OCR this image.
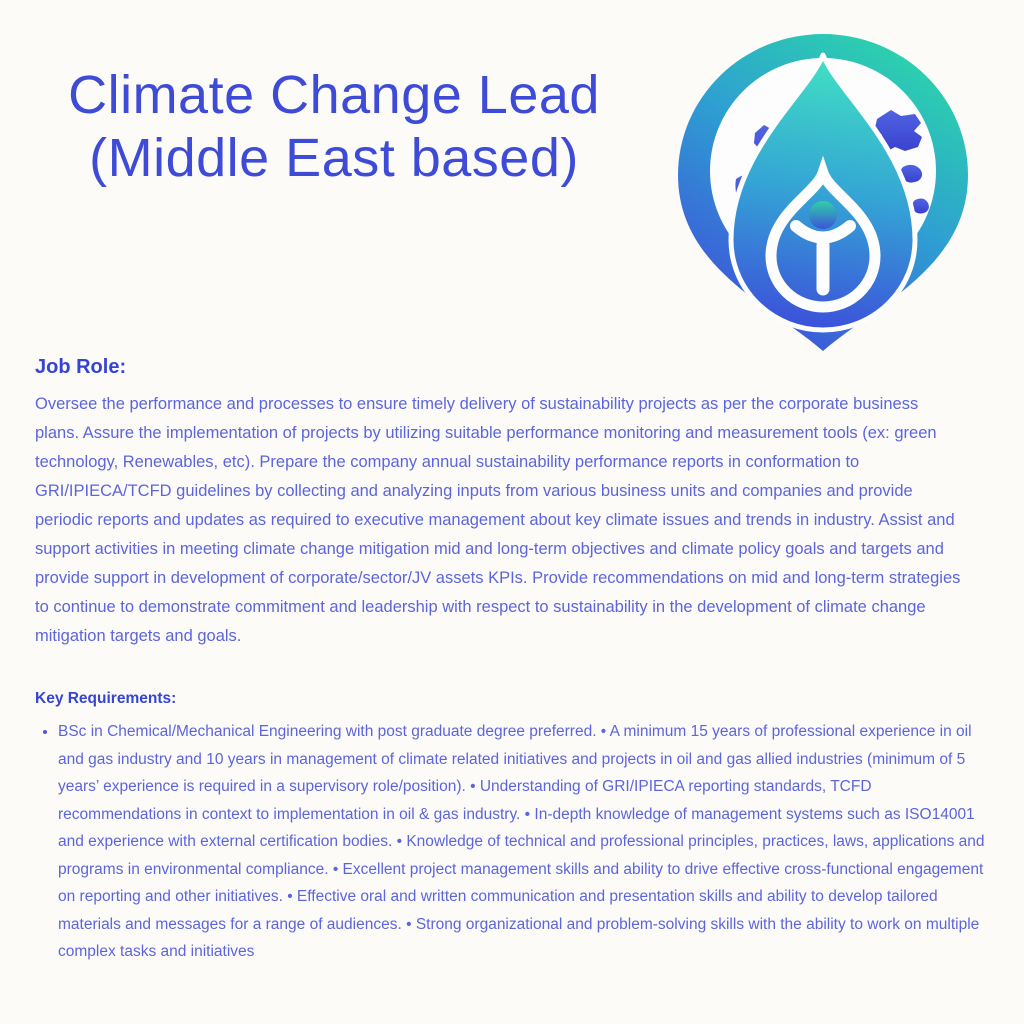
Climate Change Lead
(Middle East based)
Job Role:

Oversee the performance and processes to ensure timely delivery of sustainability projects as per the corporate business plans. Assure the implementation of projects by utilizing suitable performance monitoring and measurement tools (ex: green technology, Renewables, etc). Prepare the company annual sustainability performance reports in conformation to GRI/IPIECA/TCFD guidelines by collecting and analyzing inputs from various business units and companies and provide periodic reports and updates as required to executive management about key climate issues and trends in industry. Assist and support activities in meeting climate change mitigation mid and long-term objectives and climate policy goals and targets and provide support in development of corporate/sector/JV assets KPIs. Provide recommendations on mid and long-term strategies to continue to demonstrate commitment and leadership with respect to sustainability in the development of climate change mitigation targets and goals.

Key Requirements:
• BSc in Chemical/Mechanical Engineering with post graduate degree preferred. • A minimum 15 years of professional experience in oil and gas industry and 10 years in management of climate related initiatives and projects in oil and gas allied industries (minimum of 5 years’ experience is required in a supervisory role/position). • Understanding of GRI/IPIECA reporting standards, TCFD recommendations in context to implementation in oil & gas industry. • In-depth knowledge of management systems such as ISO14001 and experience with external certification bodies. • Knowledge of technical and professional principles, practices, laws, applications and programs in environmental compliance. • Excellent project management skills and ability to drive effective cross-functional engagement on reporting and other initiatives. • Effective oral and written communication and presentation skills and ability to develop tailored materials and messages for a range of audiences. • Strong organizational and problem-solving skills with the ability to work on multiple complex tasks and initiatives
